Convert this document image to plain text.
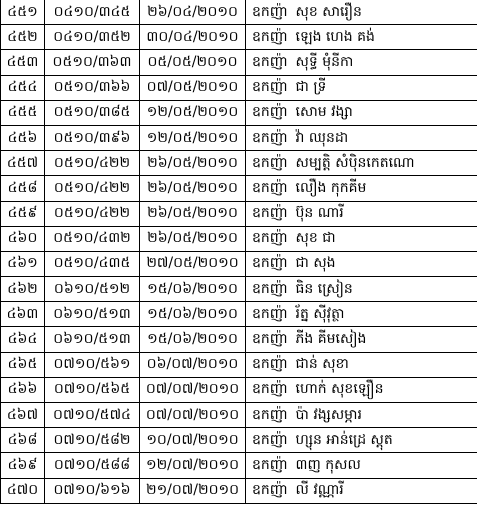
៤៥១	០៤១០/៣៤៥	២៦/០៤/២០១០	ឧកញ៉ា សុខ សារឿន
៤៥២	០៤១០/៣៥២	៣០/០៤/២០១០	ឧកញ៉ា ឡេង ហេង គង់
៤៥៣	០៥១០/៣៦៣	០៥/០៥/២០១០	ឧកញ៉ា សុទ្ធី មុំនីកា
៤៥៤	០៥១០/៣៦៦	០៧/០៥/២០១០	ឧកញ៉ា ជា ទ្រី
៤៥៥	០៥១០/៣៨៥	១២/០៥/២០១០	ឧកញ៉ា សោម វង្សា
៤៥៦	០៥១០/៣៩៦	១២/០៥/២០១០	ឧកញ៉ា វ៉ា ឈុនដា
៤៥៧	០៥១០/៤២២	២៦/០៥/២០១០	ឧកញ៉ា សម្បត្តិ សំបុិនកេតណោ
៤៥៨	០៥១០/៤២២	២៦/០៥/២០១០	ឧកញ៉ា លឿង កុកគីម
៤៥៩	០៥១០/៤២២	២៦/០៥/២០១០	ឧកញ៉ា ប៊ុន ណារី
៤៦០	០៥១០/៤៣២	២៦/០៥/២០១០	ឧកញ៉ា សុខ ជា
៤៦១	០៥១០/៤៣៥	២៧/០៥/២០១០	ឧកញ៉ា ជា សុង
៤៦២	០៦១០/៥១២	១៥/០៦/២០១០	ឧកញ៉ា ធិន ស្រៀន
៤៦៣	០៦១០/៥១៣	១៥/០៦/២០១០	ឧកញ៉ា រ័ត្ន ស៊ីវុត្ថា
៤៦៤	០៦១០/៥១៣	១៥/០៦/២០១០	ឧកញ៉ា ភីង គីមសៀង
៤៦៥	០៧១០/៥៦១	០៦/០៧/២០១០	ឧកញ៉ា ជាន់ សុខា
៤៦៦	០៧១០/៥៦៥	០៧/០៧/២០១០	ឧកញ៉ា ហោក់ សុខឡឿន
៤៦៧	០៧១០/៥៧៤	០៧/០៧/២០១០	ឧកញ៉ា ប៉ា វង្សសម្ភារ
៤៦៨	០៧១០/៥៨២	១០/០៧/២០១០	ឧកញ៉ា ហ្សុន អាន់ដ្រេ ស្តុត
៤៦៩	០៧១០/៥៨៨	១២/០៧/២០១០	ឧកញ៉ា ៣ញ កុសល
៤៧០	០៧១០/៦១៦	២១/០៧/២០១០	ឧកញ៉ា លី វណ្ណារី
